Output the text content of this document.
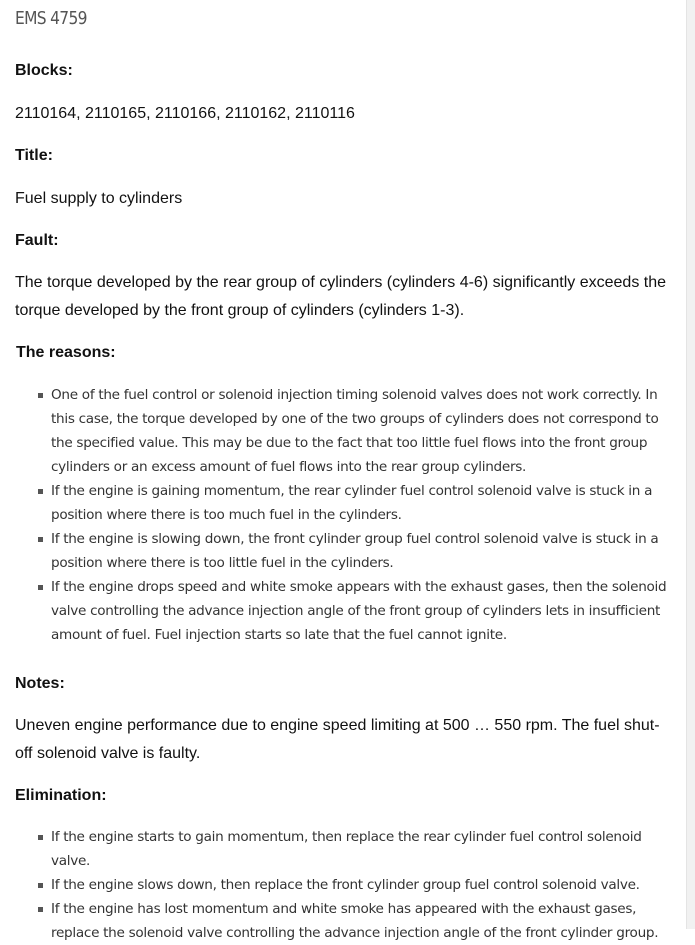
EMS 4759
Blocks:
2110164, 2110165, 2110166, 2110162, 2110116
Title:
Fuel supply to cylinders
Fault:
The torque developed by the rear group of cylinders (cylinders 4-6) significantly exceeds the torque developed by the front group of cylinders (cylinders 1-3).
The reasons:
One of the fuel control or solenoid injection timing solenoid valves does not work correctly. In this case, the torque developed by one of the two groups of cylinders does not correspond to the specified value. This may be due to the fact that too little fuel flows into the front group cylinders or an excess amount of fuel flows into the rear group cylinders.
If the engine is gaining momentum, the rear cylinder fuel control solenoid valve is stuck in a position where there is too much fuel in the cylinders.
If the engine is slowing down, the front cylinder group fuel control solenoid valve is stuck in a position where there is too little fuel in the cylinders.
If the engine drops speed and white smoke appears with the exhaust gases, then the solenoid valve controlling the advance injection angle of the front group of cylinders lets in insufficient amount of fuel. Fuel injection starts so late that the fuel cannot ignite.
Notes:
Uneven engine performance due to engine speed limiting at 500 … 550 rpm. The fuel shut-off solenoid valve is faulty.
Elimination:
If the engine starts to gain momentum, then replace the rear cylinder fuel control solenoid valve.
If the engine slows down, then replace the front cylinder group fuel control solenoid valve.
If the engine has lost momentum and white smoke has appeared with the exhaust gases, replace the solenoid valve controlling the advance injection angle of the front cylinder group.
